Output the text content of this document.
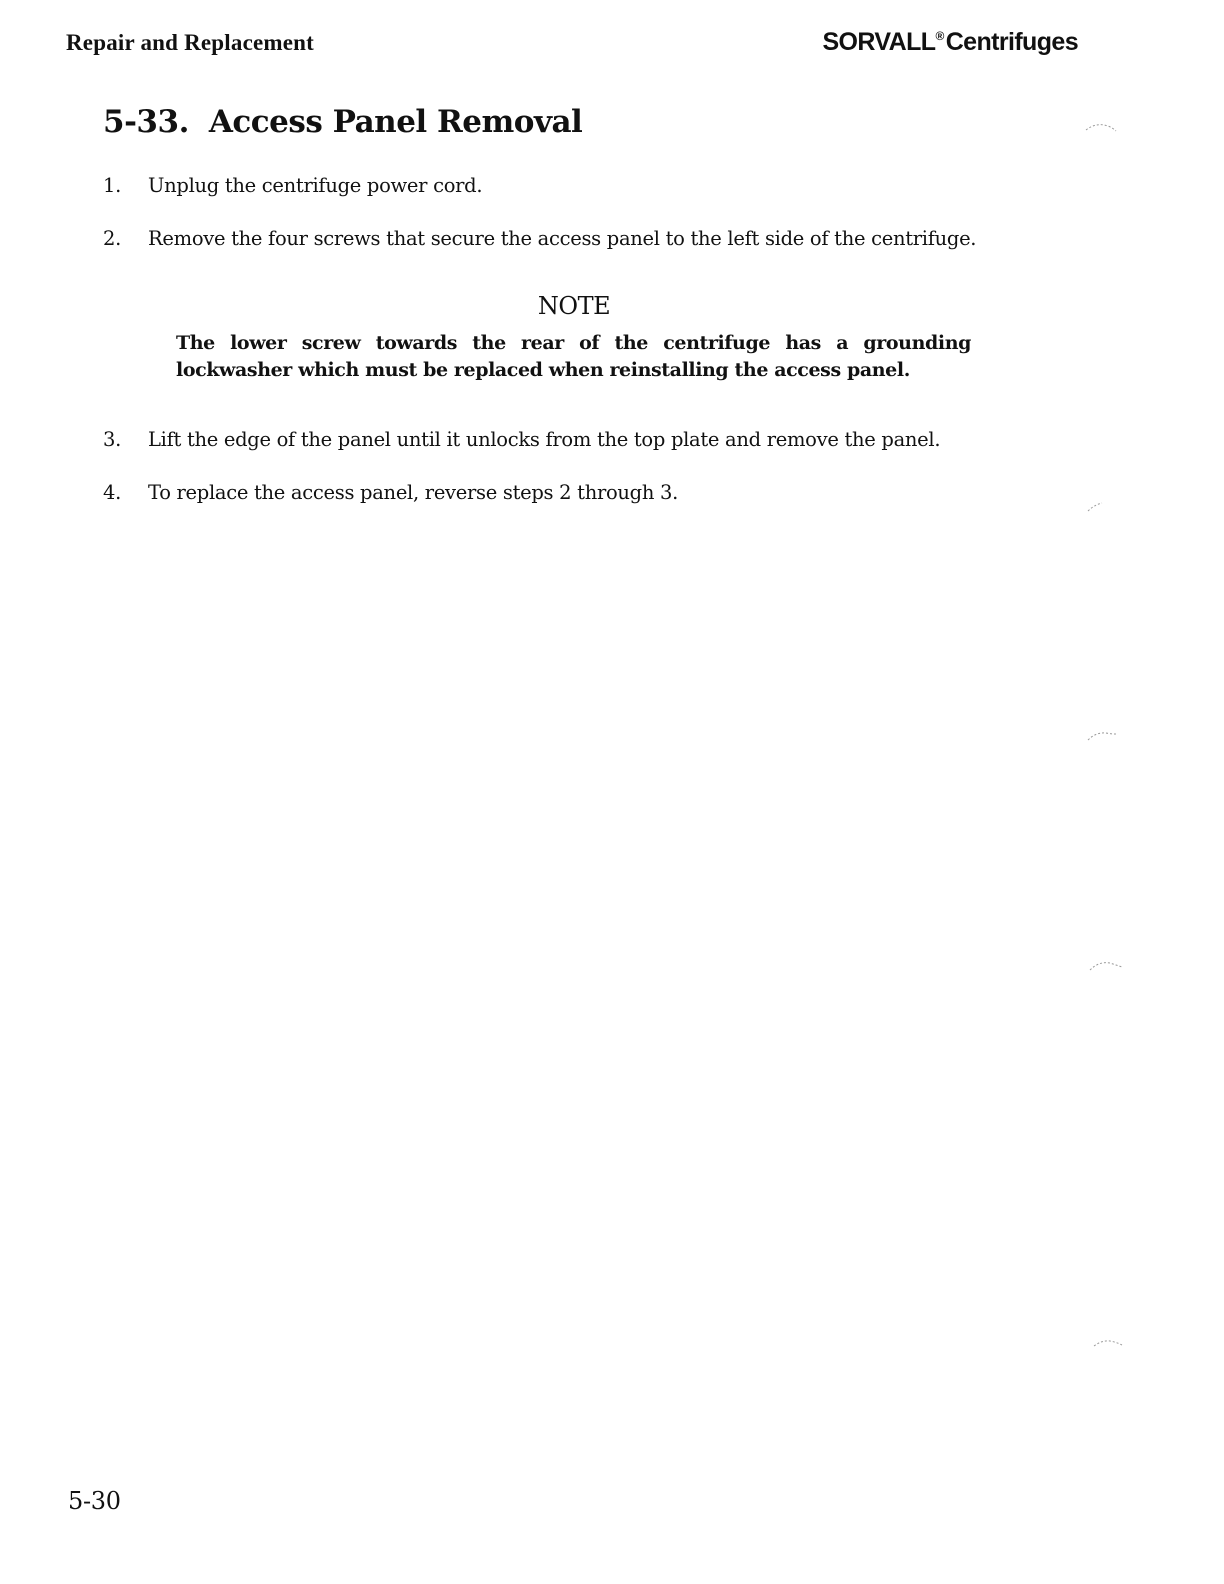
Repair and Replacement	SORVALL®Centrifuges
5-33. Access Panel Removal
1. Unplug the centrifuge power cord.
2. Remove the four screws that secure the access panel to the left side of the centrifuge.
NOTE

The lower screw towards the rear of the centrifuge has a grounding lockwasher which must be replaced when reinstalling the access panel.

3. Lift the edge of the panel until it unlocks from the top plate and remove the panel.
4. To replace the access panel, reverse steps 2 through 3.
5-30
